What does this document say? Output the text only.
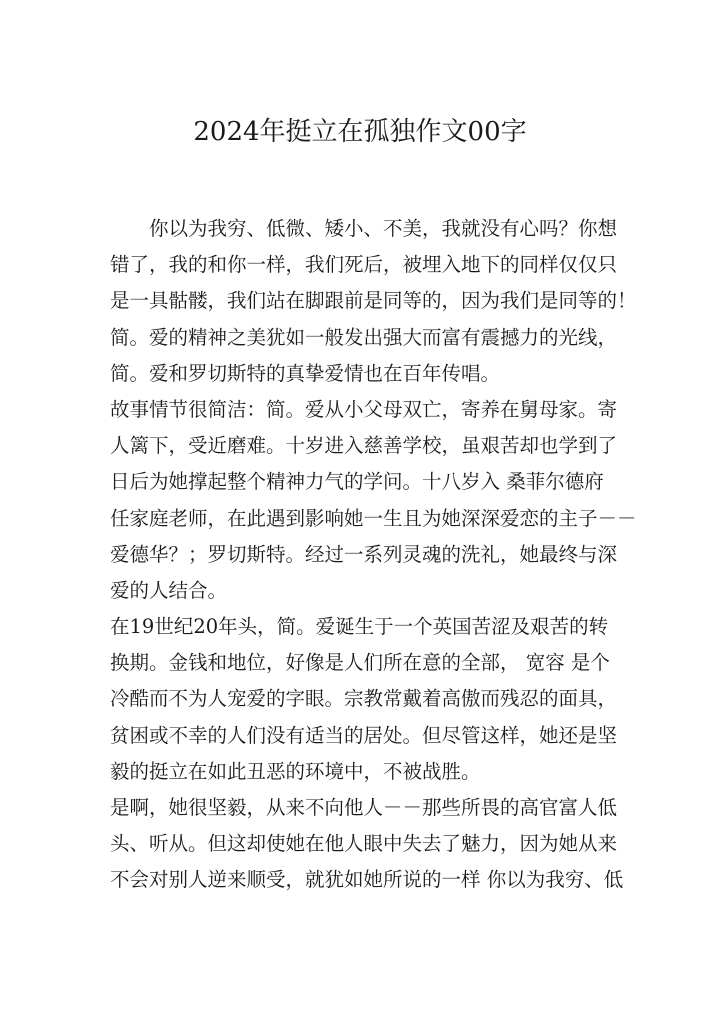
2024年挺立在孤独作文00字
你以为我穷、低微、矮小、不美，我就没有心吗？你想
错了，我的和你一样，我们死后，被埋入地下的同样仅仅只
是一具骷髅，我们站在脚跟前是同等的，因为我们是同等的！
简。爱的精神之美犹如一般发出强大而富有震撼力的光线，
简。爱和罗切斯特的真挚爱情也在百年传唱。
故事情节很简洁：简。爱从小父母双亡，寄养在舅母家。寄
人篱下，受近磨难。十岁进入慈善学校，虽艰苦却也学到了
日后为她撑起整个精神力气的学问。十八岁入 桑菲尔德府
任家庭老师，在此遇到影响她一生且为她深深爱恋的主子－－
爱德华？；罗切斯特。经过一系列灵魂的洗礼，她最终与深
爱的人结合。
在19世纪20年头，简。爱诞生于一个英国苦涩及艰苦的转
换期。金钱和地位，好像是人们所在意的全部， 宽容 是个
冷酷而不为人宠爱的字眼。宗教常戴着高傲而残忍的面具，
贫困或不幸的人们没有适当的居处。但尽管这样，她还是坚
毅的挺立在如此丑恶的环境中，不被战胜。
是啊，她很坚毅，从来不向他人－－那些所畏的高官富人低
头、听从。但这却使她在他人眼中失去了魅力，因为她从来
不会对别人逆来顺受，就犹如她所说的一样 你以为我穷、低
